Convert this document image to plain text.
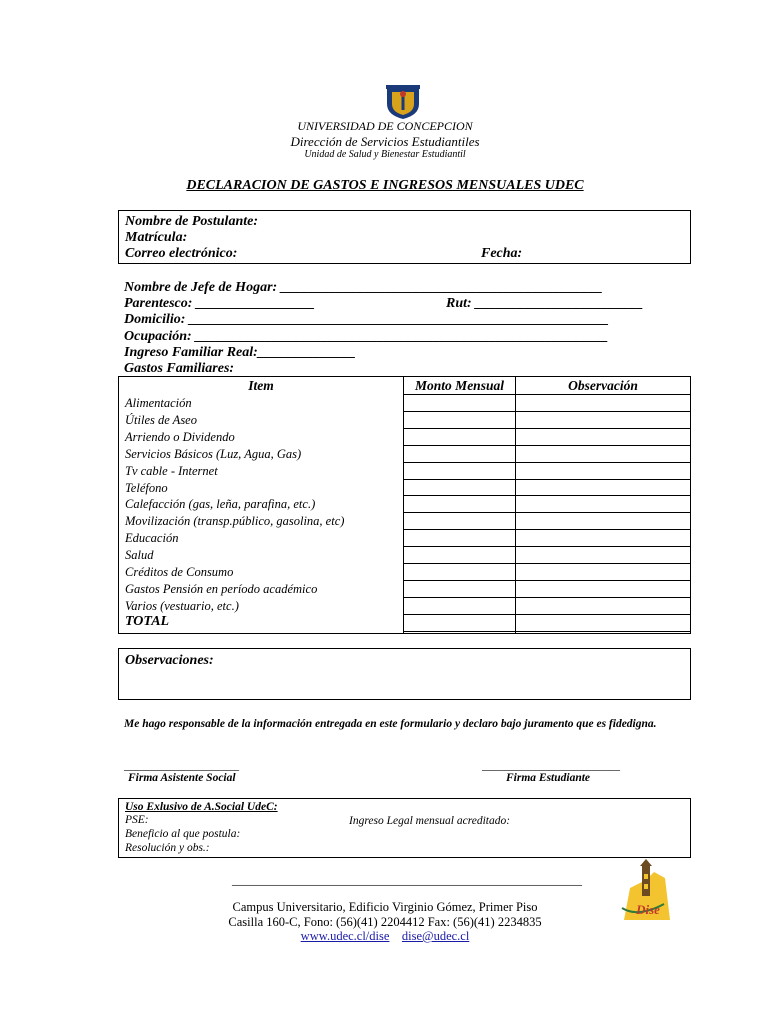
UNIVERSIDAD DE CONCEPCION
Dirección de Servicios Estudiantiles
Unidad de Salud y Bienestar Estudiantil
DECLARACION DE GASTOS E INGRESOS MENSUALES UDEC
Nombre de Postulante:
Matrícula:
Correo electrónico:	Fecha:
Nombre de Jefe de Hogar: ______________________________________________
Parentesco: _________________	Rut: ________________________
Domicilio: ____________________________________________________________
Ocupación: ___________________________________________________________
Ingreso Familiar Real:______________
Gastos Familiares:
Item	Monto Mensual	Observación
Alimentación
Útiles de Aseo
Arriendo o Dividendo
Servicios Básicos (Luz, Agua, Gas)
Tv cable - Internet
Teléfono
Calefacción (gas, leña, parafina, etc.)
Movilización (transp.público, gasolina, etc)
Educación
Salud
Créditos de Consumo
Gastos Pensión en período académico
Varios (vestuario, etc.)
TOTAL
Observaciones:
Me hago responsable de la información entregada en este formulario y declaro bajo juramento que es fidedigna.
____________________
Firma Asistente Social
________________________
Firma Estudiante
Uso Exlusivo de A.Social UdeC:
PSE:
Beneficio al que postula:
Resolución y obs.:
Ingreso Legal mensual acreditado:
________________________________________________________
Campus Universitario, Edificio Virginio Gómez, Primer Piso
Casilla 160-C, Fono: (56)(41) 2204412 Fax: (56)(41) 2234835
www.udec.cl/dise dise@udec.cl
Dise
